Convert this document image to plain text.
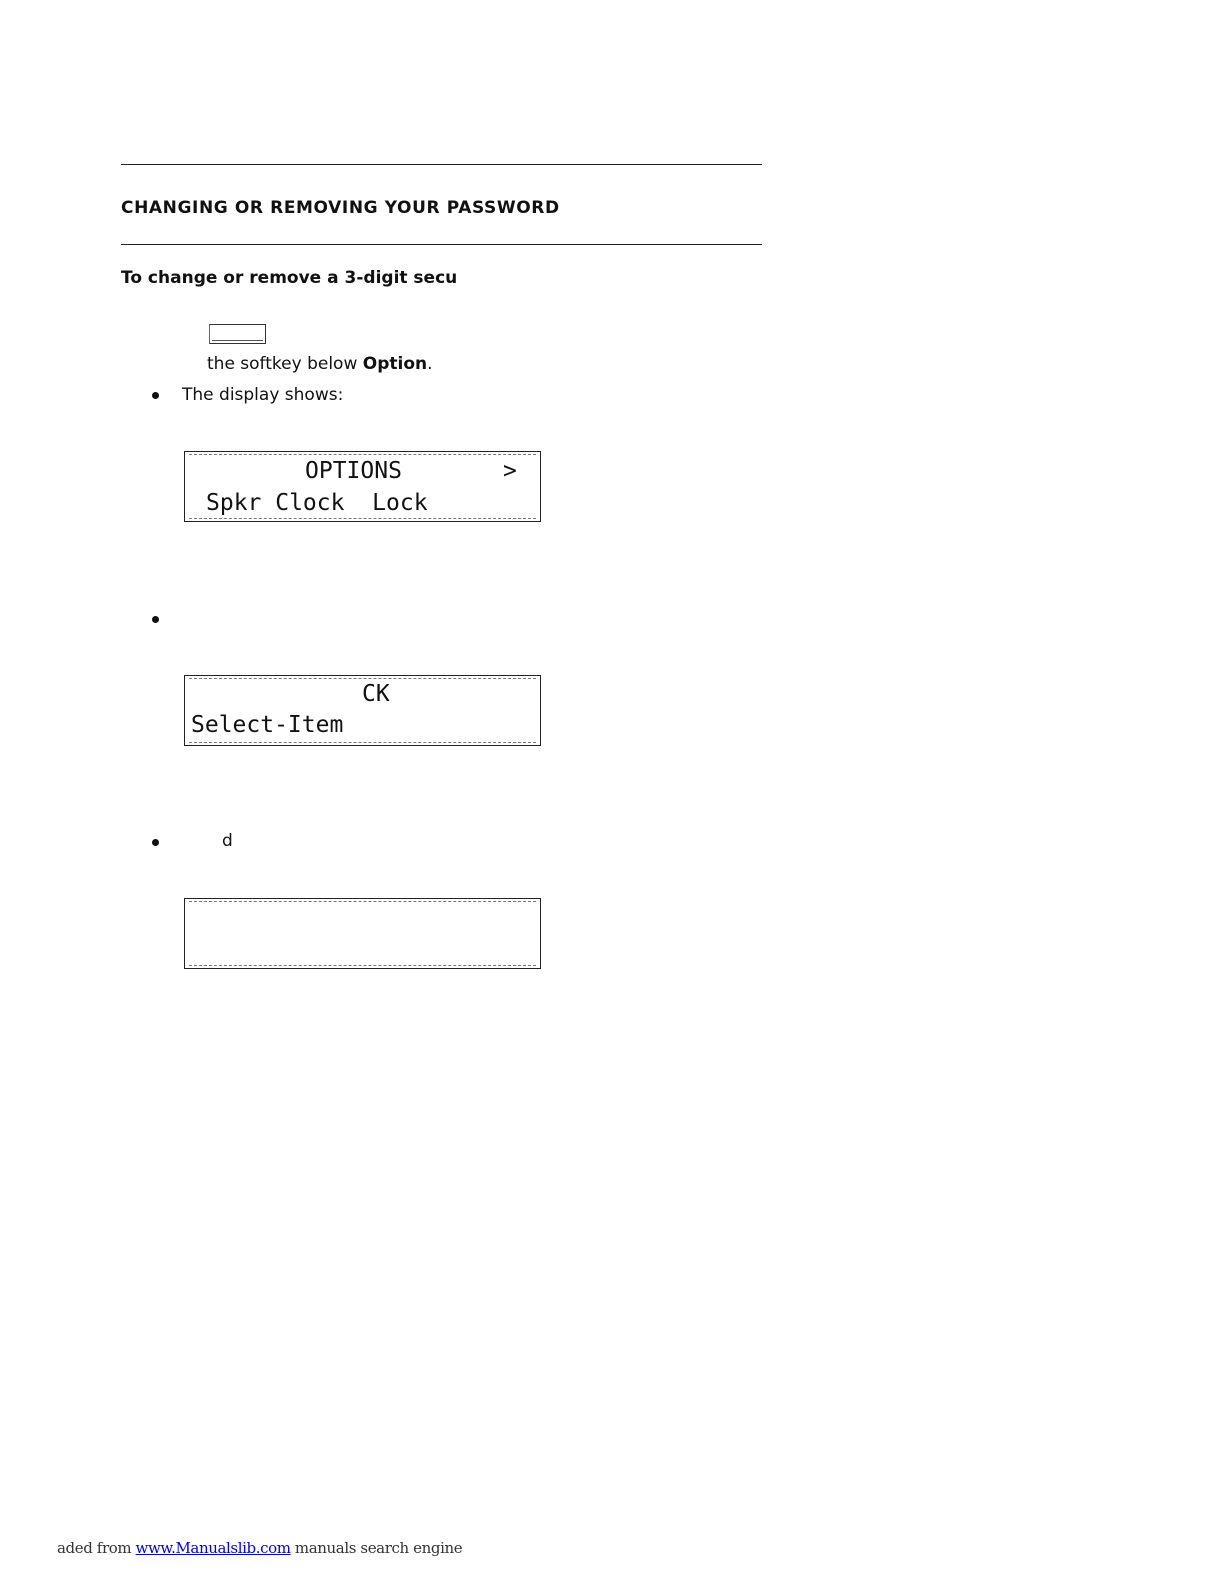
CHANGING OR REMOVING YOUR PASSWORD
To change or remove a 3-digit secu
the softkey below Option.
The display shows:
OPTIONS	>
Spkr Clock  Lock
CK
Select-Item
d
aded from www.Manualslib.com manuals search engine
